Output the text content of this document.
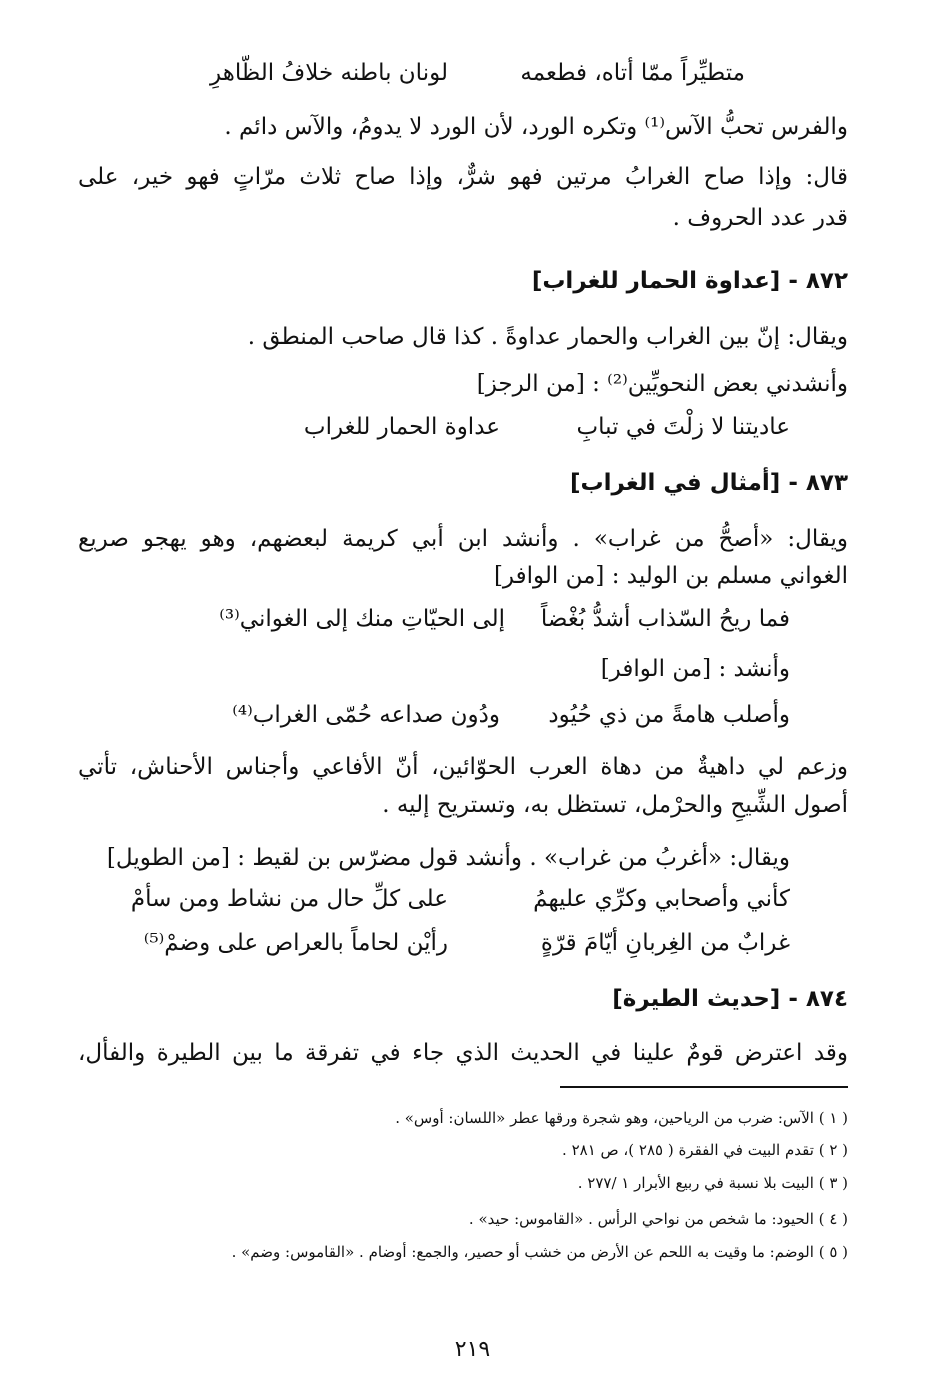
متطيِّراً ممّا أتاه، فطعمه
لونان باطنه خلافُ الظّاهرِ
والفرس تحبُّ الآس⁽¹⁾ وتكره الورد، لأن الورد لا يدومُ، والآس دائم .
قال: وإذا صاح الغرابُ مرتين فهو شرٌّ، وإذا صاح ثلاث مرّاتٍ فهو خير، على
قدر عدد الحروف .
٨٧٢ - [عداوة الحمار للغراب]
ويقال: إنّ بين الغراب والحمار عداوةً . كذا قال صاحب المنطق .
وأنشدني بعض النحويِّين⁽²⁾ : [من الرجز]
عاديتنا لا زلْتَ في تبابِ
عداوة الحمار للغراب
٨٧٣ - [أمثال في الغراب]
ويقال: «أصحُّ من غراب» . وأنشد ابن أبي كريمة لبعضهم، وهو يهجو صريع
الغواني مسلم بن الوليد : [من الوافر]
فما ريحُ السّذاب أشدُّ بُغْضاً
إلى الحيّاتِ منك إلى الغواني⁽³⁾
وأنشد : [من الوافر]
وأصلب هامةً من ذي حُيُود
ودُون صداعه حُمّى الغراب⁽⁴⁾
وزعم لي داهيةٌ من دهاة العرب الحوّائين، أنّ الأفاعي وأجناس الأحناش، تأتي
أصول الشِّيحِ والحرْمل، تستظل به، وتستريح إليه .
ويقال: «أغربُ من غراب» . وأنشد قول مضرّس بن لقيط : [من الطويل]
كأني وأصحابي وكرِّي عليهمُ
على كلِّ حال من نشاط ومن سأمْ
غرابٌ من الغِربانِ أيّامَ قرّةٍ
رأيْن لحاماً بالعراص على وضمْ⁽⁵⁾
٨٧٤ - [حديث الطيرة]
وقد اعترض قومٌ علينا في الحديث الذي جاء في تفرقة ما بين الطيرة والفأل،
( ١ ) الآس: ضرب من الرياحين، وهو شجرة ورقها عطر «اللسان: أوس» .
( ٢ ) تقدم البيت في الفقرة ( ٢٨٥ )، ص ٢٨١ .
( ٣ ) البيت بلا نسبة في ربيع الأبرار ١ /٢٧٧ .
( ٤ ) الحيود: ما شخص من نواحي الرأس . «القاموس: حيد» .
( ٥ ) الوضم: ما وقيت به اللحم عن الأرض من خشب أو حصير، والجمع: أوضام . «القاموس: وضم» .
٢١٩
